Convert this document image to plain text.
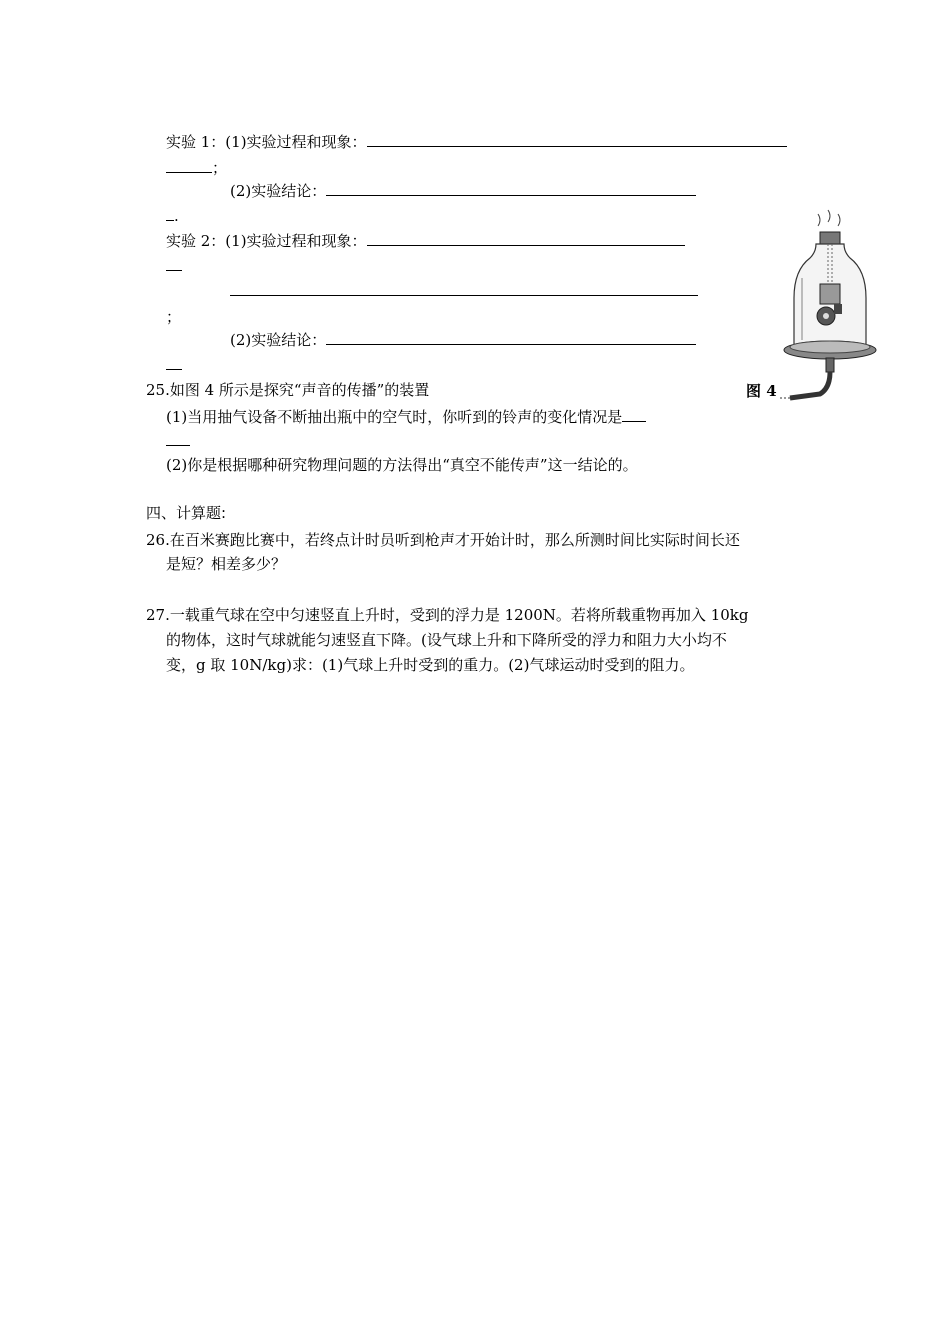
实验 1：(1)实验过程和现象：
；
(2)实验结论：
.
实验 2：(1)实验过程和现象：
；
(2)实验结论：
25.如图 4 所示是探究“声音的传播”的装置
(1)当用抽气设备不断抽出瓶中的空气时，你听到的铃声的变化情况是
(2)你是根据哪种研究物理问题的方法得出“真空不能传声”这一结论的。
图 4
四、计算题:
26.在百米赛跑比赛中，若终点计时员听到枪声才开始计时，那么所测时间比实际时间长还
是短？相差多少？
27.一载重气球在空中匀速竖直上升时，受到的浮力是 1200N。若将所载重物再加入 10kg
的物体，这时气球就能匀速竖直下降。(设气球上升和下降所受的浮力和阻力大小均不
变，g 取 10N/kg)求：(1)气球上升时受到的重力。(2)气球运动时受到的阻力。
